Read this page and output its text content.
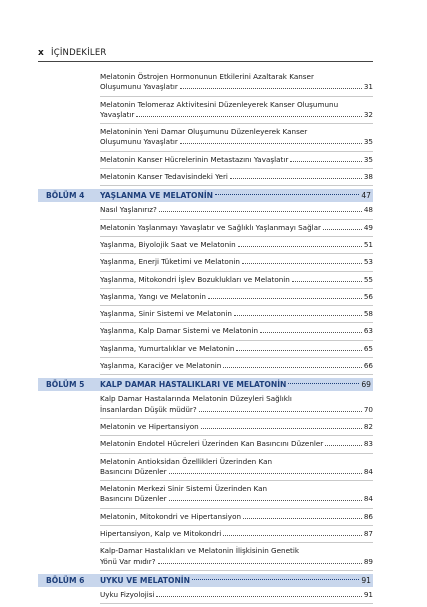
x İÇİNDEKİLER
Melatonin Östrojen Hormonunun Etkilerini Azaltarak Kanser
Oluşumunu Yavaşlatır	31
Melatonin Telomeraz Aktivitesini Düzenleyerek Kanser Oluşumunu
Yavaşlatır	32
Melatoninin Yeni Damar Oluşumunu Düzenleyerek Kanser
Oluşumunu Yavaşlatır	35
Melatonin Kanser Hücrelerinin Metastazını Yavaşlatır	35
Melatonin Kanser Tedavisindeki Yeri	38
BÖLÜM 4	YAŞLANMA VE MELATONİN	47
Nasıl Yaşlanırız?	48
Melatonin Yaşlanmayı Yavaşlatır ve Sağlıklı Yaşlanmayı Sağlar	49
Yaşlanma, Biyolojik Saat ve Melatonin	51
Yaşlanma, Enerji Tüketimi ve Melatonin	53
Yaşlanma, Mitokondri İşlev Bozuklukları ve Melatonin	55
Yaşlanma, Yangı ve Melatonin	56
Yaşlanma, Sinir Sistemi ve Melatonin	58
Yaşlanma, Kalp Damar Sistemi ve Melatonin	63
Yaşlanma, Yumurtalıklar ve Melatonin	65
Yaşlanma, Karaciğer ve Melatonin	66
BÖLÜM 5	KALP DAMAR HASTALIKLARI VE MELATONİN	69
Kalp Damar Hastalarında Melatonin Düzeyleri Sağlıklı
İnsanlardan Düşük müdür?	70
Melatonin ve Hipertansiyon	82
Melatonin Endotel Hücreleri Üzerinden Kan Basıncını Düzenler	83
Melatonin Antioksidan Özellikleri Üzerinden Kan
Basıncını Düzenler	84
Melatonin Merkezi Sinir Sistemi Üzerinden Kan
Basıncını Düzenler	84
Melatonin, Mitokondri ve Hipertansiyon	86
Hipertansiyon, Kalp ve Mitokondri	87
Kalp-Damar Hastalıkları ve Melatonin İlişkisinin Genetik
Yönü Var mıdır?	89
BÖLÜM 6	UYKU VE MELATONİN	91
Uyku Fizyolojisi	91
